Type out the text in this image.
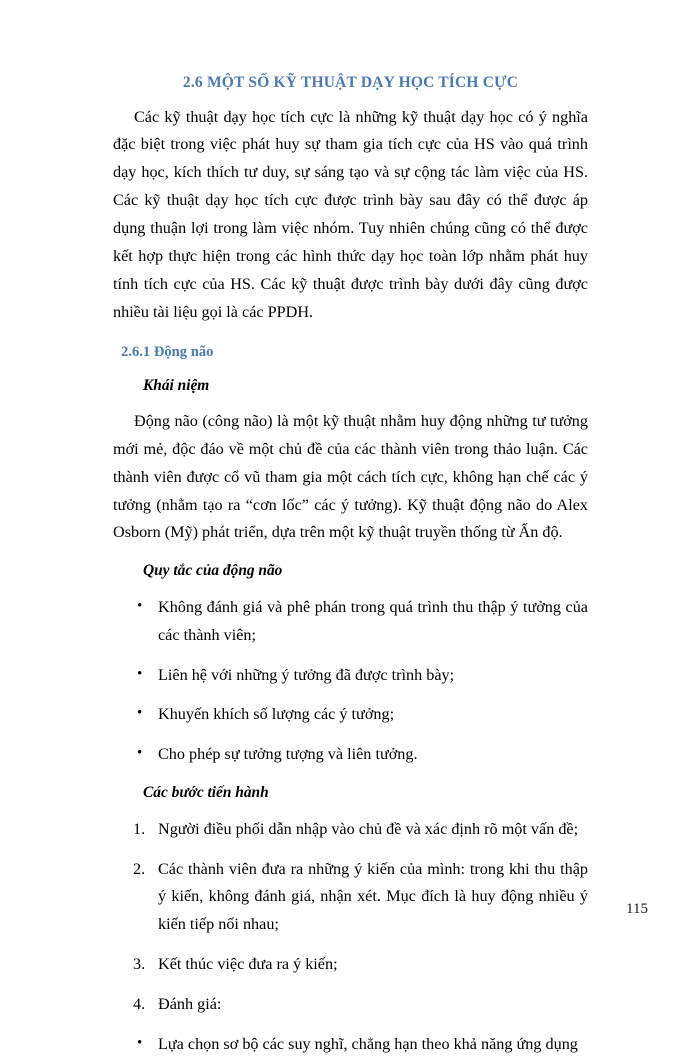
2.6 MỘT SỐ KỸ THUẬT DẠY HỌC TÍCH CỰC

Các kỹ thuật dạy học tích cực là những kỹ thuật dạy học có ý nghĩa đặc biệt trong việc phát huy sự tham gia tích cực của HS vào quá trình dạy học, kích thích tư duy, sự sáng tạo và sự cộng tác làm việc của HS. Các kỹ thuật dạy học tích cực được trình bày sau đây có thể được áp dụng thuận lợi trong làm việc nhóm. Tuy nhiên chúng cũng có thể được kết hợp thực hiện trong các hình thức dạy học toàn lớp nhằm phát huy tính tích cực của HS. Các kỹ thuật được trình bày dưới đây cũng được nhiều tài liệu gọi là các PPDH.

2.6.1 Động não
Khái niệm

Động não (công não) là một kỹ thuật nhằm huy động những tư tưởng mới mẻ, độc đáo về một chủ đề của các thành viên trong thảo luận. Các thành viên được cổ vũ tham gia một cách tích cực, không hạn chế các ý tưởng (nhằm tạo ra “cơn lốc” các ý tưởng). Kỹ thuật động não do Alex Osborn (Mỹ) phát triển, dựa trên một kỹ thuật truyền thống từ Ấn độ.

Quy tắc của động não
• Không đánh giá và phê phán trong quá trình thu thập ý tưởng của các thành viên;
• Liên hệ với những ý tưởng đã được trình bày;
• Khuyến khích số lượng các ý tưởng;
• Cho phép sự tưởng tượng và liên tưởng.
Các bước tiến hành
1. Người điều phối dẫn nhập vào chủ đề và xác định rõ một vấn đề;
2. Các thành viên đưa ra những ý kiến của mình: trong khi thu thập ý kiến, không đánh giá, nhận xét. Mục đích là huy động nhiều ý kiến tiếp nối nhau;
3. Kết thúc việc đưa ra ý kiến;
4. Đánh giá:
• Lựa chọn sơ bộ các suy nghĩ, chẳng hạn theo khả năng ứng dụng
115
